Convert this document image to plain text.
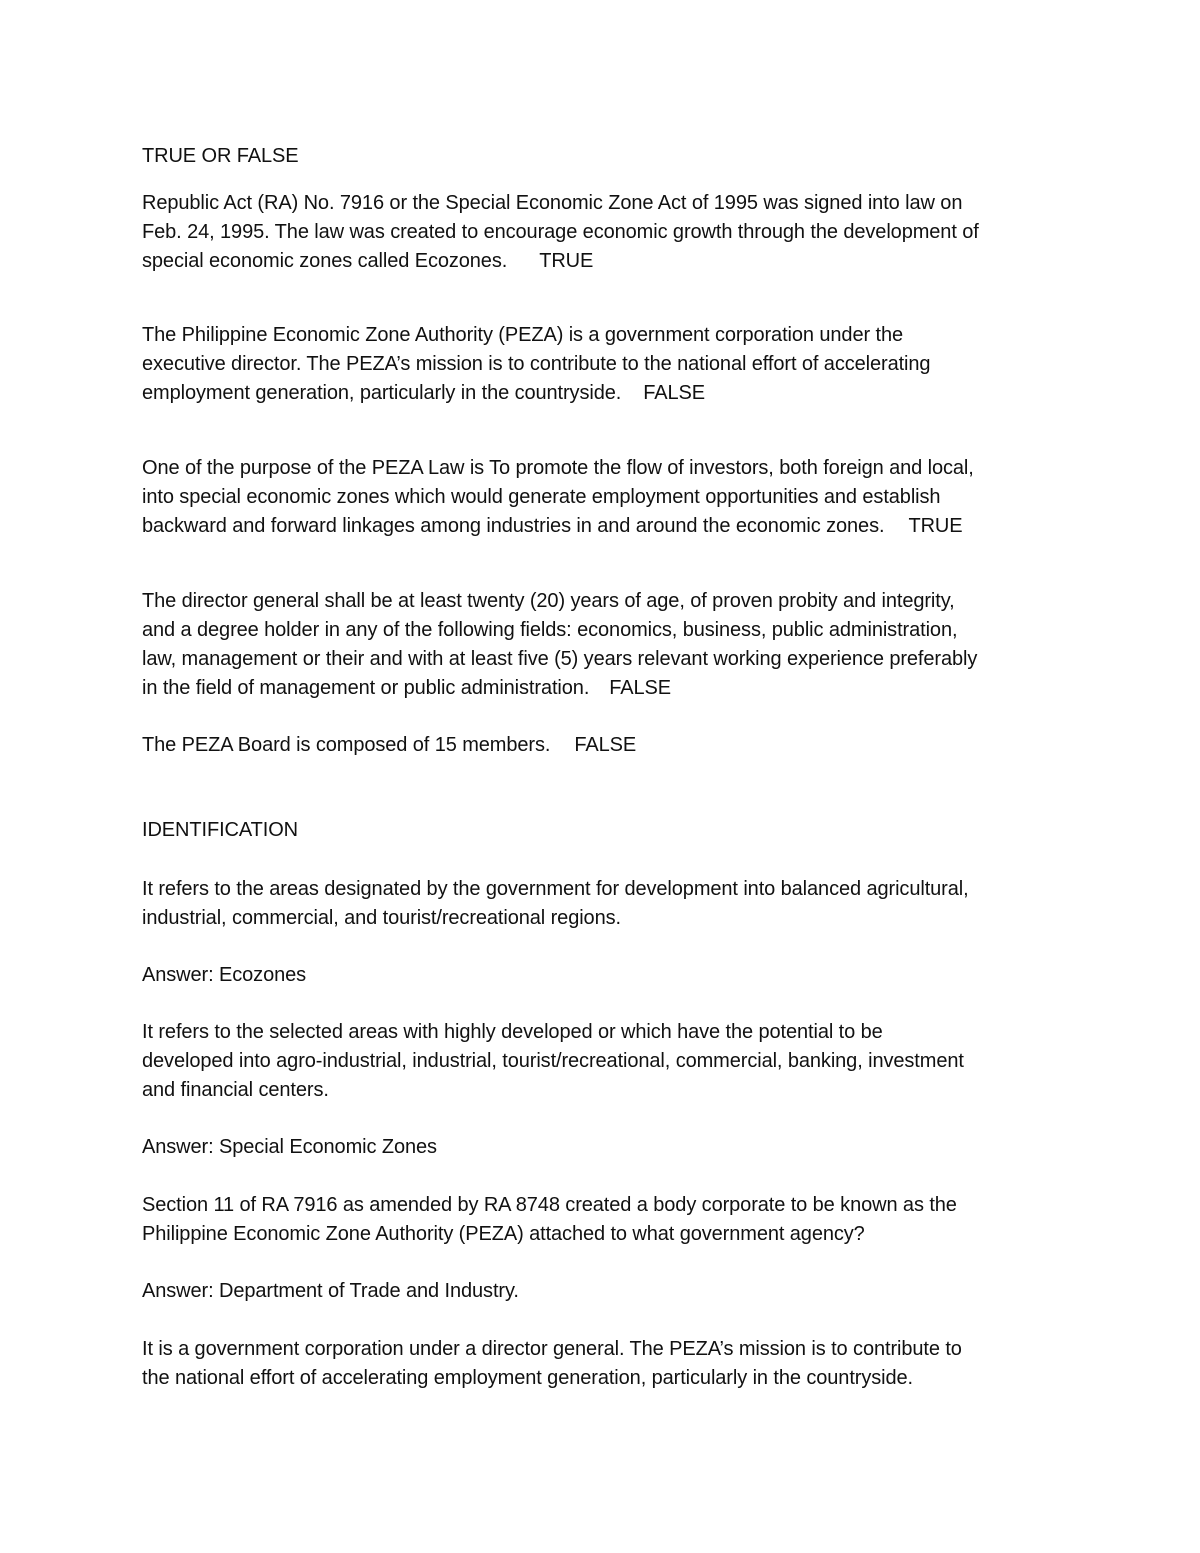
TRUE OR FALSE

Republic Act (RA) No. 7916 or the Special Economic Zone Act of 1995 was signed into law on
Feb. 24, 1995. The law was created to encourage economic growth through the development of
special economic zones called Ecozones. TRUE

The Philippine Economic Zone Authority (PEZA) is a government corporation under the
executive director. The PEZA’s mission is to contribute to the national effort of accelerating
employment generation, particularly in the countryside. FALSE

One of the purpose of the PEZA Law is To promote the flow of investors, both foreign and local,
into special economic zones which would generate employment opportunities and establish
backward and forward linkages among industries in and around the economic zones. TRUE

The director general shall be at least twenty (20) years of age, of proven probity and integrity,
and a degree holder in any of the following fields: economics, business, public administration,
law, management or their and with at least five (5) years relevant working experience preferably
in the field of management or public administration. FALSE

The PEZA Board is composed of 15 members. FALSE

IDENTIFICATION

It refers to the areas designated by the government for development into balanced agricultural,
industrial, commercial, and tourist/recreational regions.

Answer: Ecozones

It refers to the selected areas with highly developed or which have the potential to be
developed into agro-industrial, industrial, tourist/recreational, commercial, banking, investment
and financial centers.

Answer: Special Economic Zones

Section 11 of RA 7916 as amended by RA 8748 created a body corporate to be known as the
Philippine Economic Zone Authority (PEZA) attached to what government agency?

Answer: Department of Trade and Industry.

It is a government corporation under a director general. The PEZA’s mission is to contribute to
the national effort of accelerating employment generation, particularly in the countryside.
